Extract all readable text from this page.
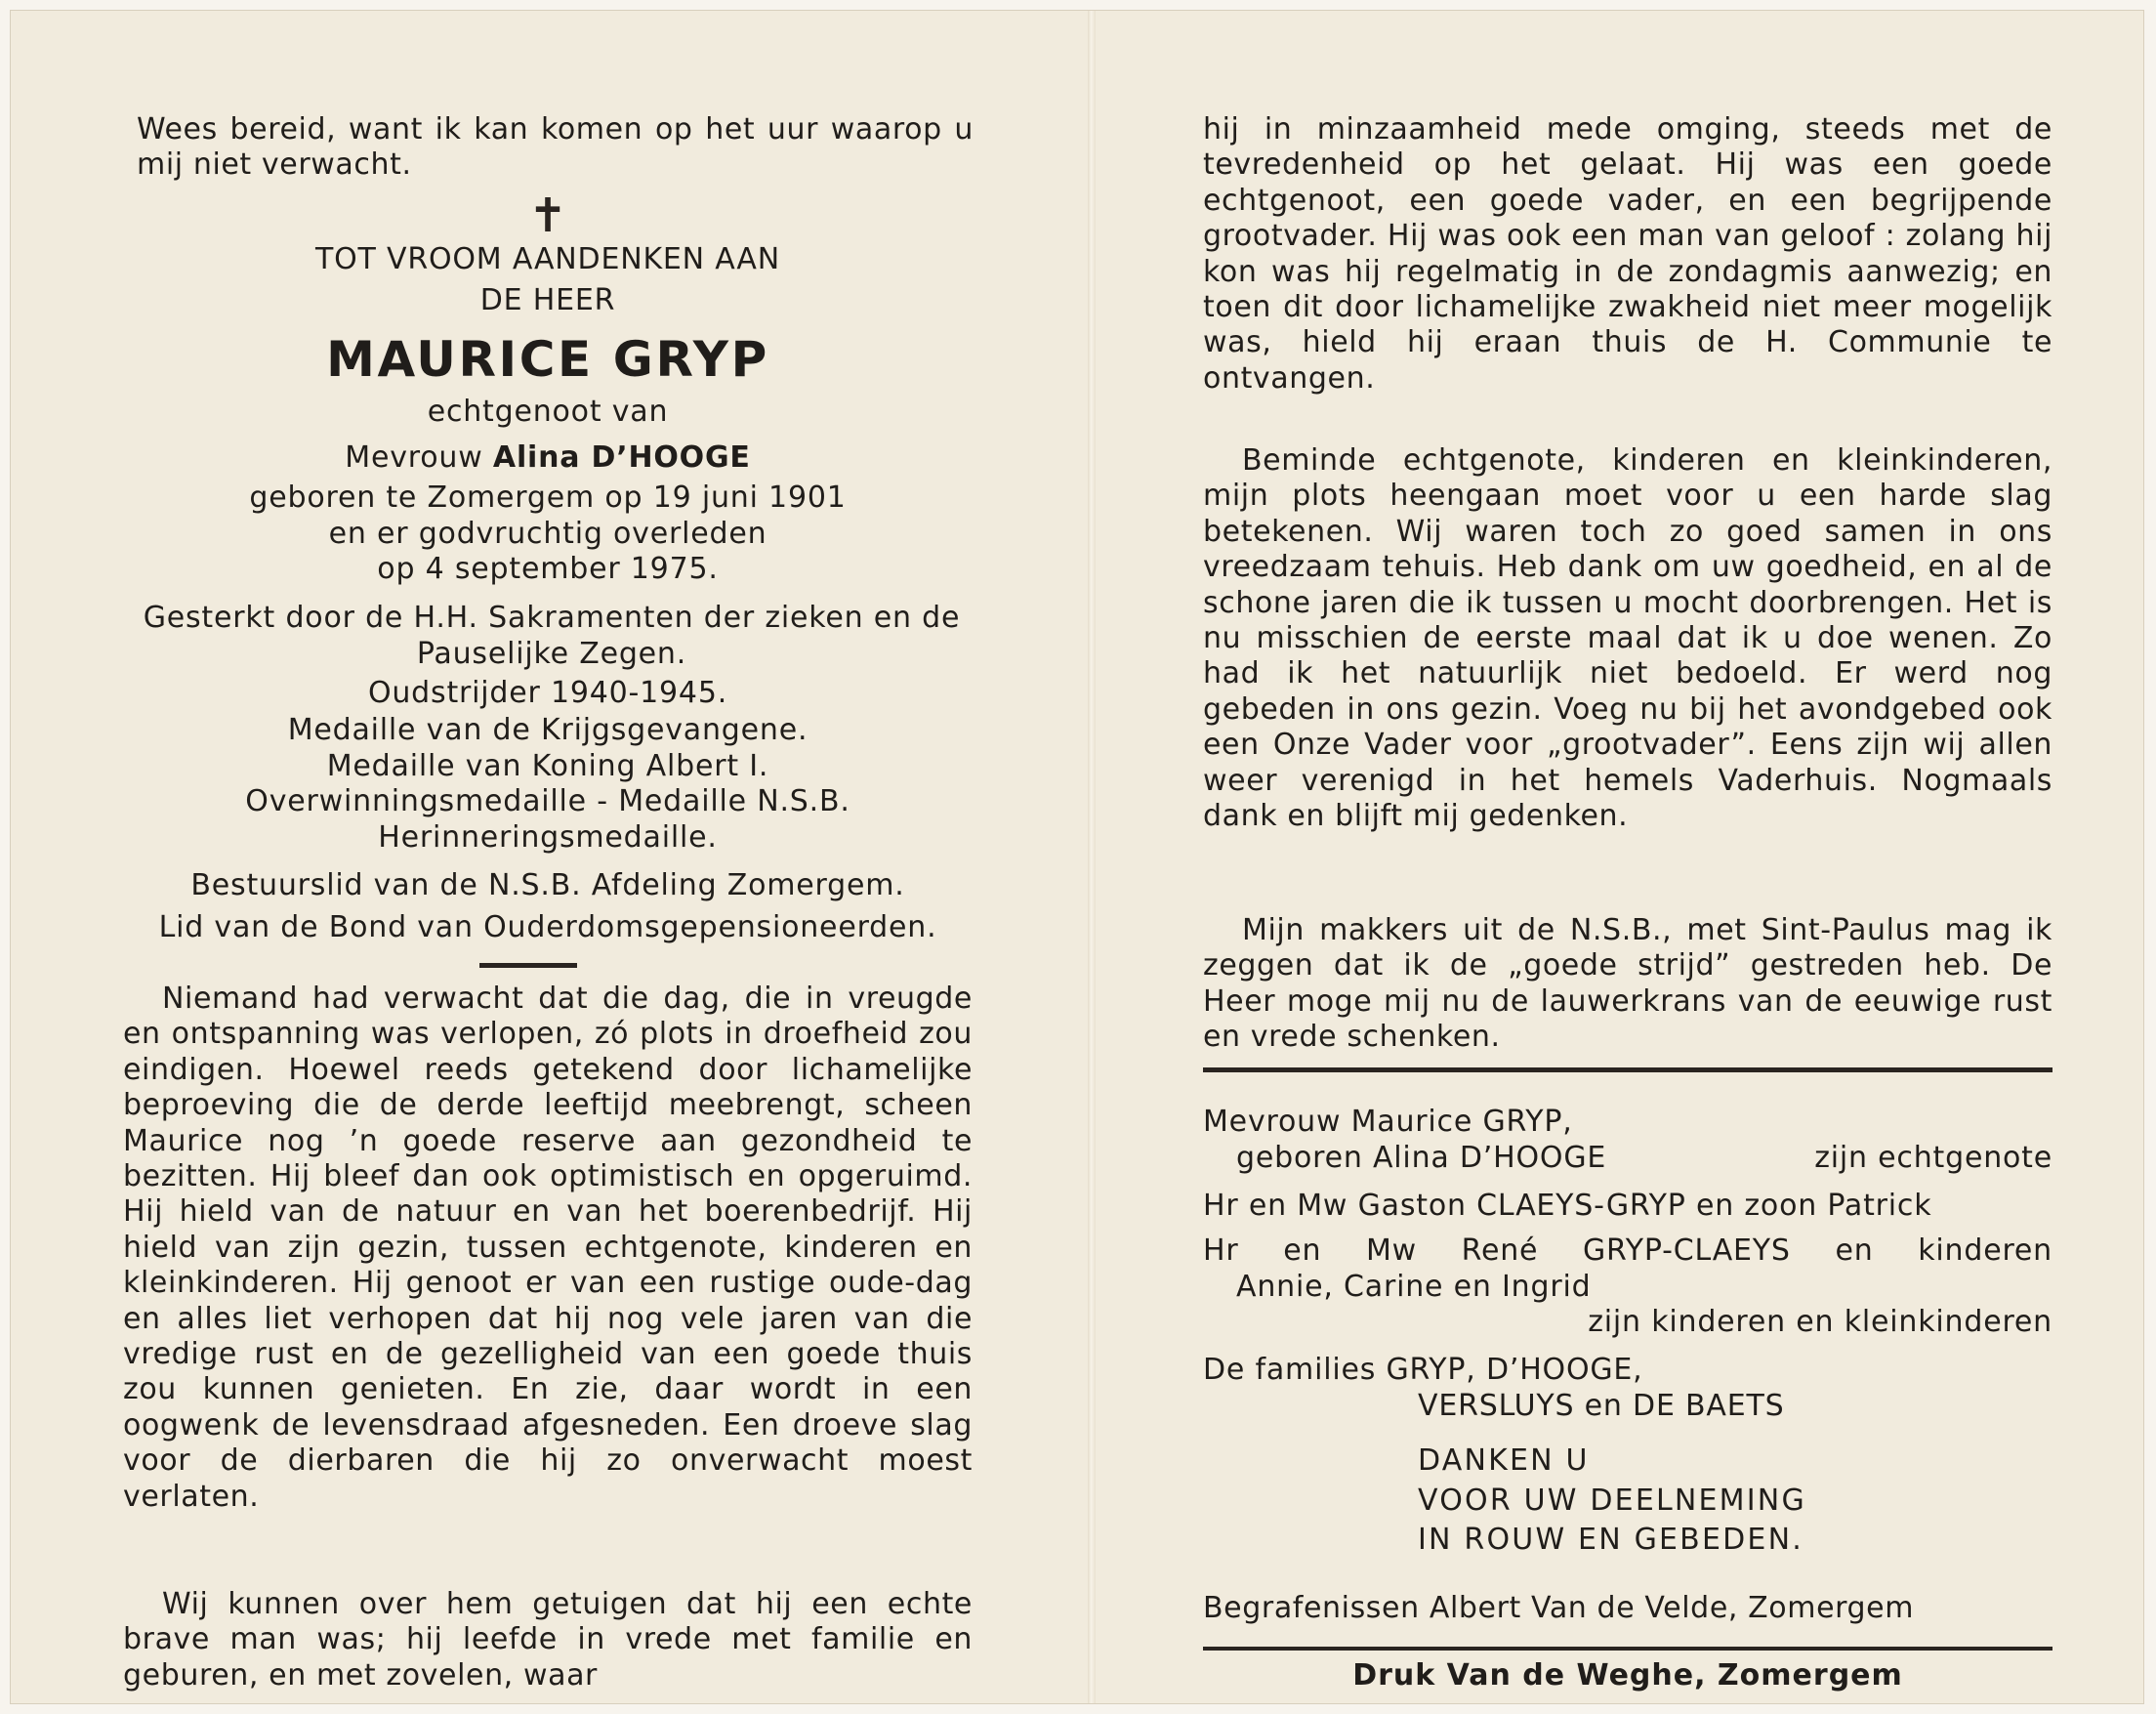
Wees bereid, want ik kan komen op het uur waarop u mij niet verwacht.

✝

TOT VROOM AANDENKEN AAN

DE HEER

MAURICE GRYP

echtgenoot van

Mevrouw Alina D’HOOGE

geboren te Zomergem op 19 juni 1901
en er godvruchtig overleden
op 4 september 1975.

Gesterkt door de H.H. Sakramenten der zieken en de Pauselijke Zegen.

Oudstrijder 1940-1945.

Medaille van de Krijgsgevangene.
Medaille van Koning Albert I.
Overwinningsmedaille - Medaille N.S.B.
Herinneringsmedaille.
Bestuurslid van de N.S.B. Afdeling Zomergem.
Lid van de Bond van Ouderdomsgepensioneerden.

Niemand had verwacht dat die dag, die in vreugde en ontspanning was verlopen, zó plots in droefheid zou eindigen. Hoewel reeds getekend door lichamelijke beproeving die de derde leeftijd meebrengt, scheen Maurice nog ’n goede reserve aan gezondheid te bezitten. Hij bleef dan ook optimistisch en opgeruimd. Hij hield van de natuur en van het boerenbedrijf. Hij hield van zijn gezin, tussen echtgenote, kinderen en kleinkinderen. Hij genoot er van een rustige oude-dag en alles liet verhopen dat hij nog vele jaren van die vredige rust en de gezelligheid van een goede thuis zou kunnen genieten. En zie, daar wordt in een oogwenk de levensdraad afgesneden. Een droeve slag voor de dierbaren die hij zo onverwacht moest verlaten.

Wij kunnen over hem getuigen dat hij een echte brave man was; hij leefde in vrede met familie en geburen, en met zovelen, waar

hij in minzaamheid mede omging, steeds met de tevredenheid op het gelaat. Hij was een goede echtgenoot, een goede vader, en een begrijpende grootvader. Hij was ook een man van geloof : zolang hij kon was hij regelmatig in de zondagmis aanwezig; en toen dit door lichamelijke zwakheid niet meer mogelijk was, hield hij eraan thuis de H. Communie te ontvangen.

Beminde echtgenote, kinderen en kleinkinderen, mijn plots heengaan moet voor u een harde slag betekenen. Wij waren toch zo goed samen in ons vreedzaam tehuis. Heb dank om uw goedheid, en al de schone jaren die ik tussen u mocht doorbrengen. Het is nu misschien de eerste maal dat ik u doe wenen. Zo had ik het natuurlijk niet bedoeld. Er werd nog gebeden in ons gezin. Voeg nu bij het avondgebed ook een Onze Vader voor „grootvader”. Eens zijn wij allen weer verenigd in het hemels Vaderhuis. Nogmaals dank en blijft mij gedenken.

Mijn makkers uit de N.S.B., met Sint-Paulus mag ik zeggen dat ik de „goede strijd” gestreden heb. De Heer moge mij nu de lauwerkrans van de eeuwige rust en vrede schenken.

Mevrouw Maurice GRYP,
geboren Alina D’HOOGE	zijn echtgenote
Hr en Mw Gaston CLAEYS-GRYP en zoon Patrick
Hr en Mw René GRYP-CLAEYS en kinderen
Annie, Carine en Ingrid
zijn kinderen en kleinkinderen
De families GRYP, D’HOOGE,
VERSLUYS en DE BAETS
DANKEN U
VOOR UW DEELNEMING
IN ROUW EN GEBEDEN.
Begrafenissen Albert Van de Velde, Zomergem
Druk Van de Weghe, Zomergem
